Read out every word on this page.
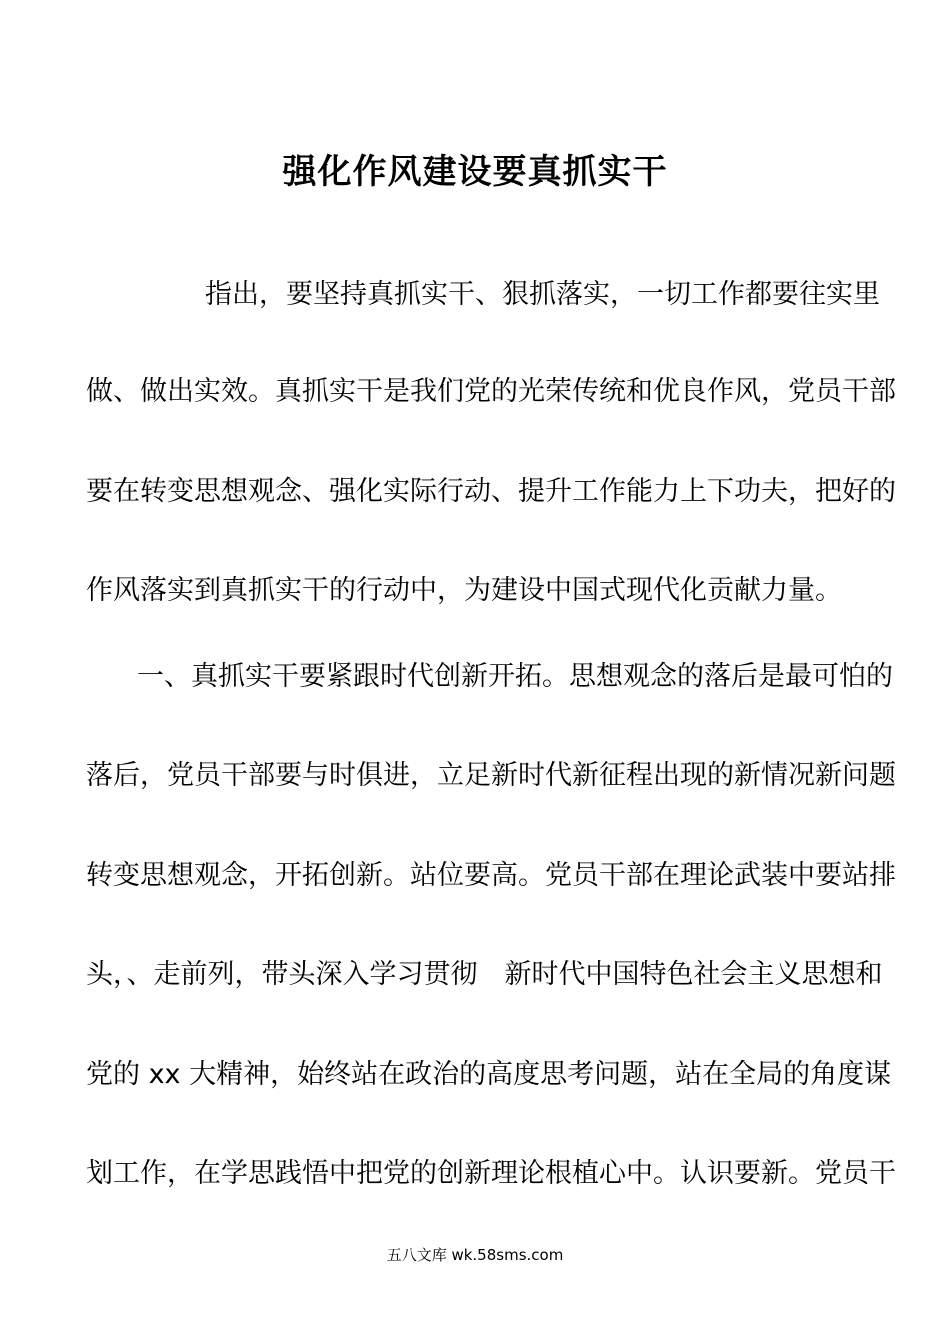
强化作风建设要真抓实干

指出，要坚持真抓实干、狠抓落实，一切工作都要往实里

做、做出实效。真抓实干是我们党的光荣传统和优良作风，党员干部

要在转变思想观念、强化实际行动、提升工作能力上下功夫，把好的

作风落实到真抓实干的行动中，为建设中国式现代化贡献力量。

一、真抓实干要紧跟时代创新开拓。思想观念的落后是最可怕的

落后，党员干部要与时俱进，立足新时代新征程出现的新情况新问题

转变思想观念，开拓创新。站位要高。党员干部在理论武装中要站排

头，、走前列，带头深入学习贯彻　新时代中国特色社会主义思想和

党的 xx 大精神，始终站在政治的高度思考问题，站在全局的角度谋

划工作，在学思践悟中把党的创新理论根植心中。认识要新。党员干

五八文库 wk.58sms.com
